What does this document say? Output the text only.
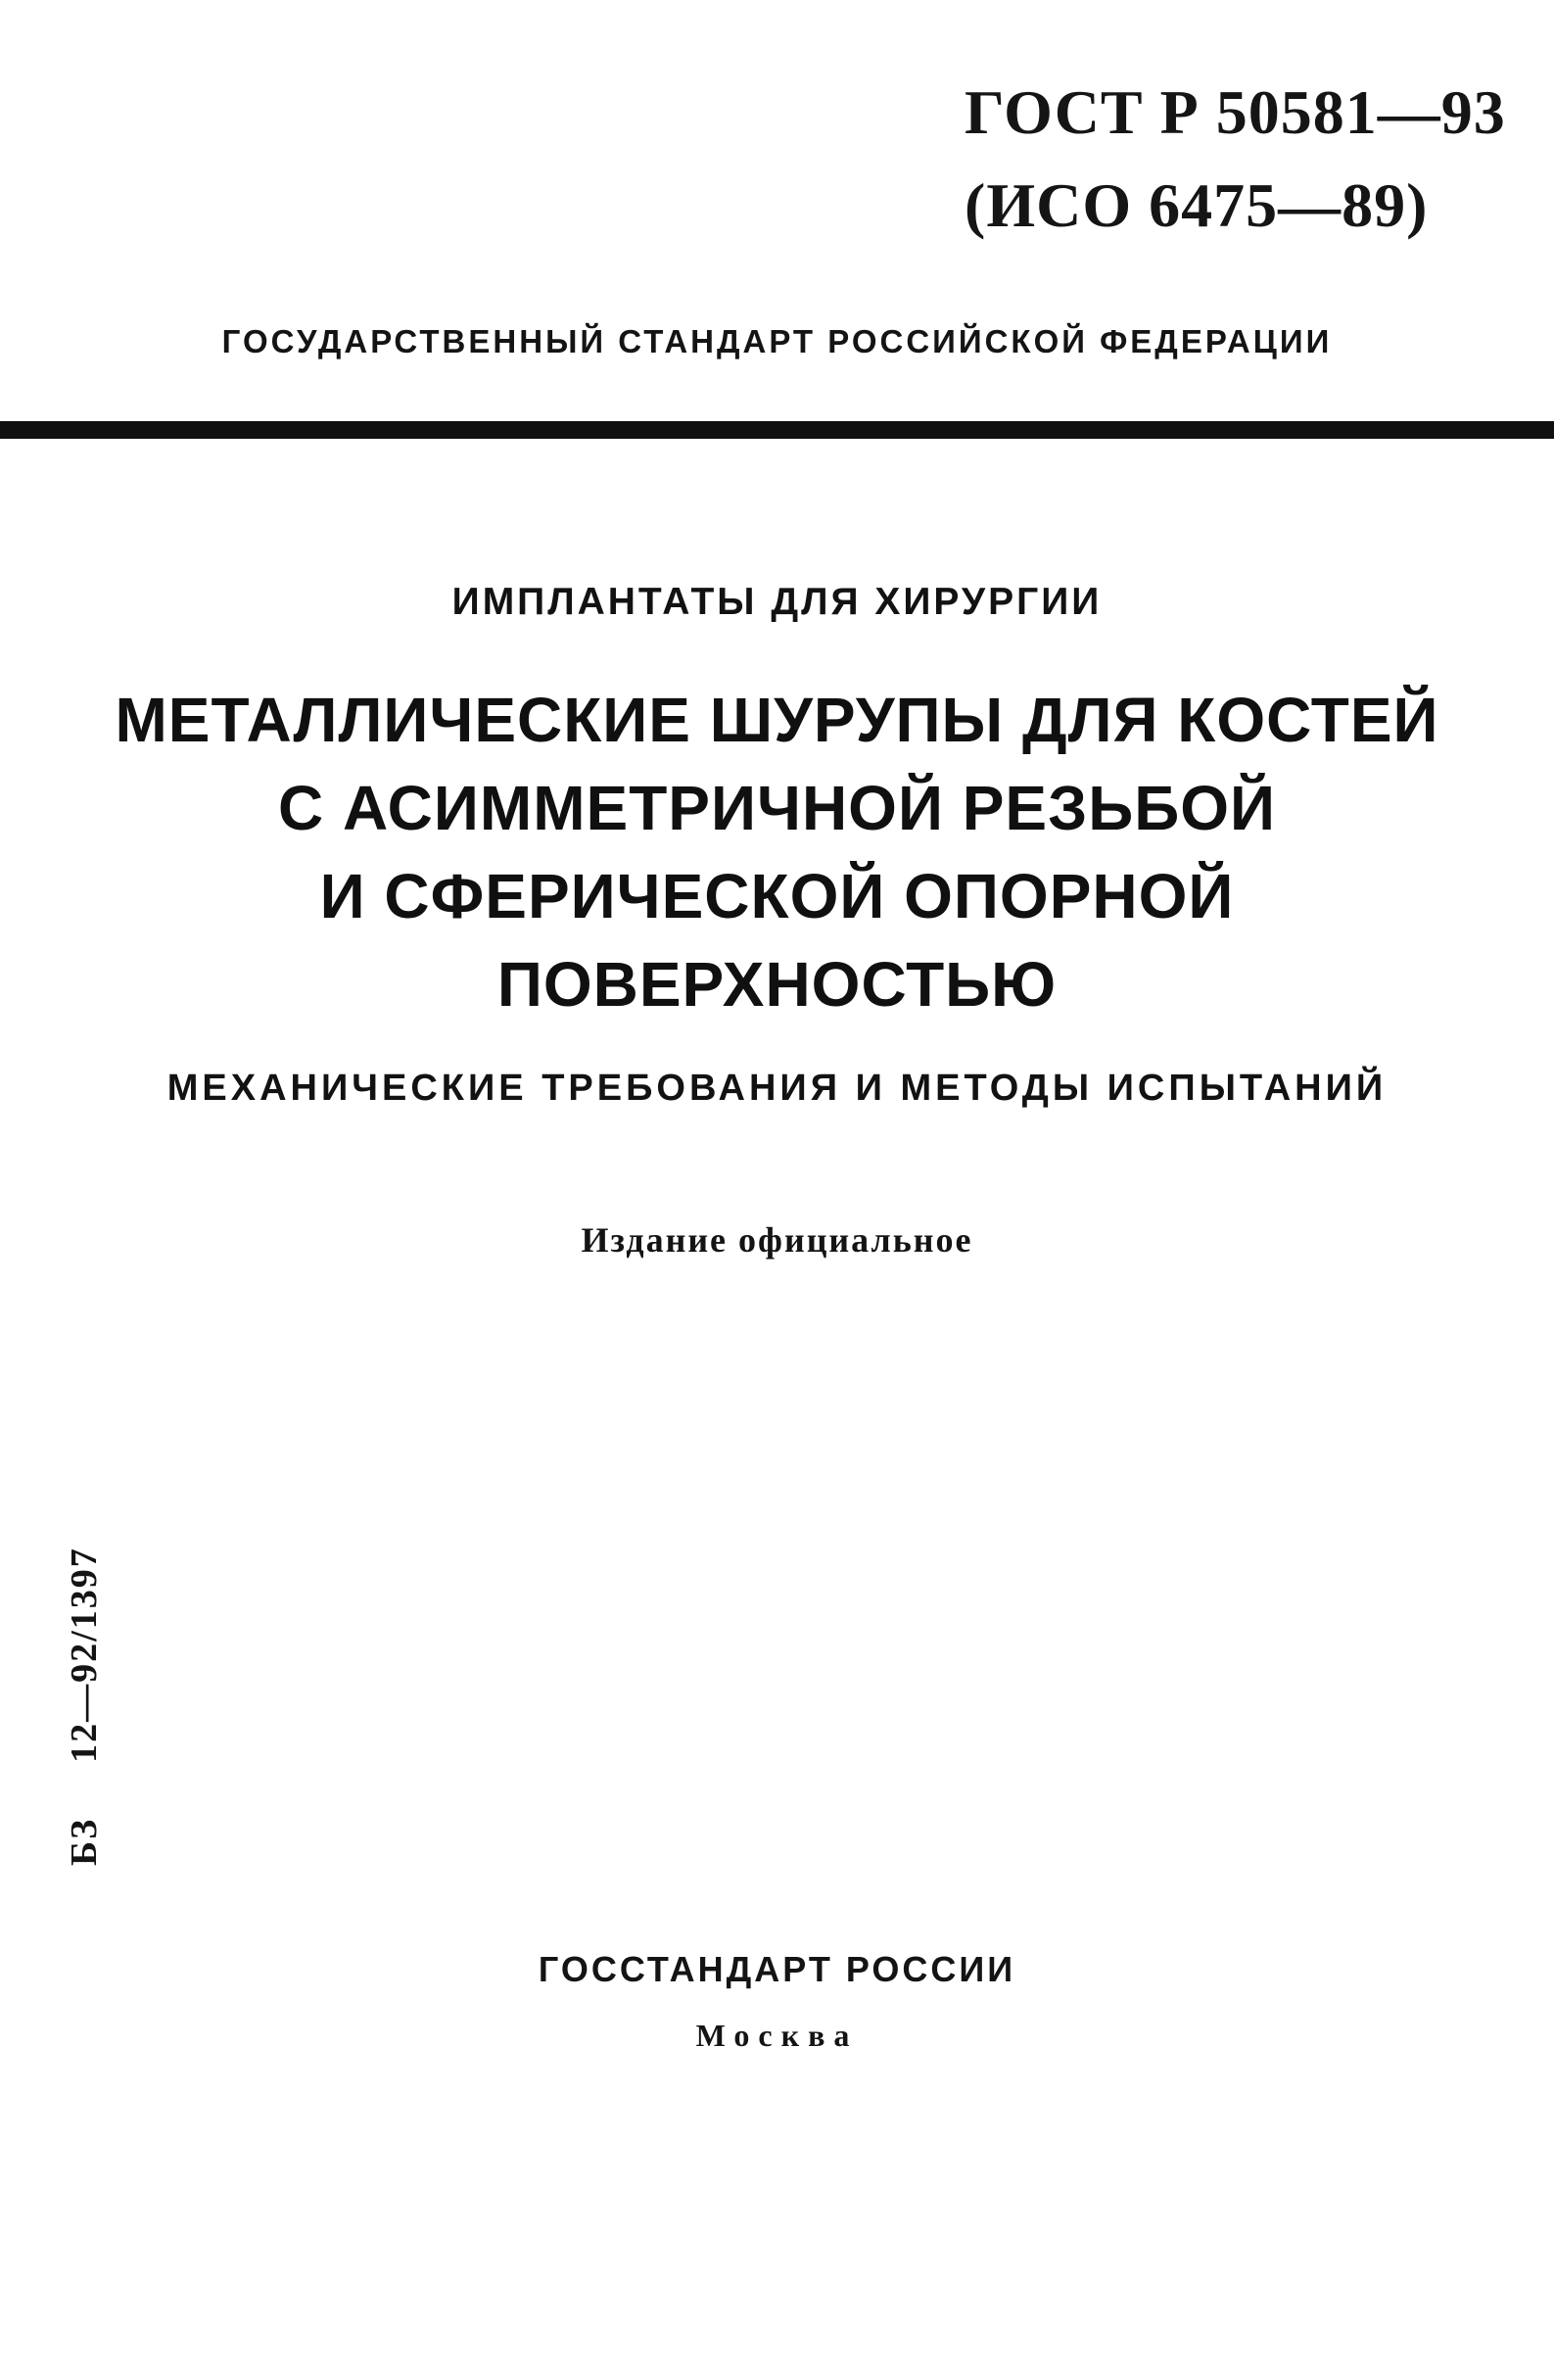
ГОСТ Р 50581—93
(ИСО 6475—89)
ГОСУДАРСТВЕННЫЙ СТАНДАРТ РОССИЙСКОЙ ФЕДЕРАЦИИ
ИМПЛАНТАТЫ ДЛЯ ХИРУРГИИ
МЕТАЛЛИЧЕСКИЕ ШУРУПЫ ДЛЯ КОСТЕЙ
С АСИММЕТРИЧНОЙ РЕЗЬБОЙ
И СФЕРИЧЕСКОЙ ОПОРНОЙ
ПОВЕРХНОСТЬЮ
МЕХАНИЧЕСКИЕ ТРЕБОВАНИЯ И МЕТОДЫ ИСПЫТАНИЙ
Издание официальное
БЗ12—92/1397
ГОССТАНДАРТ РОССИИ
Москва
